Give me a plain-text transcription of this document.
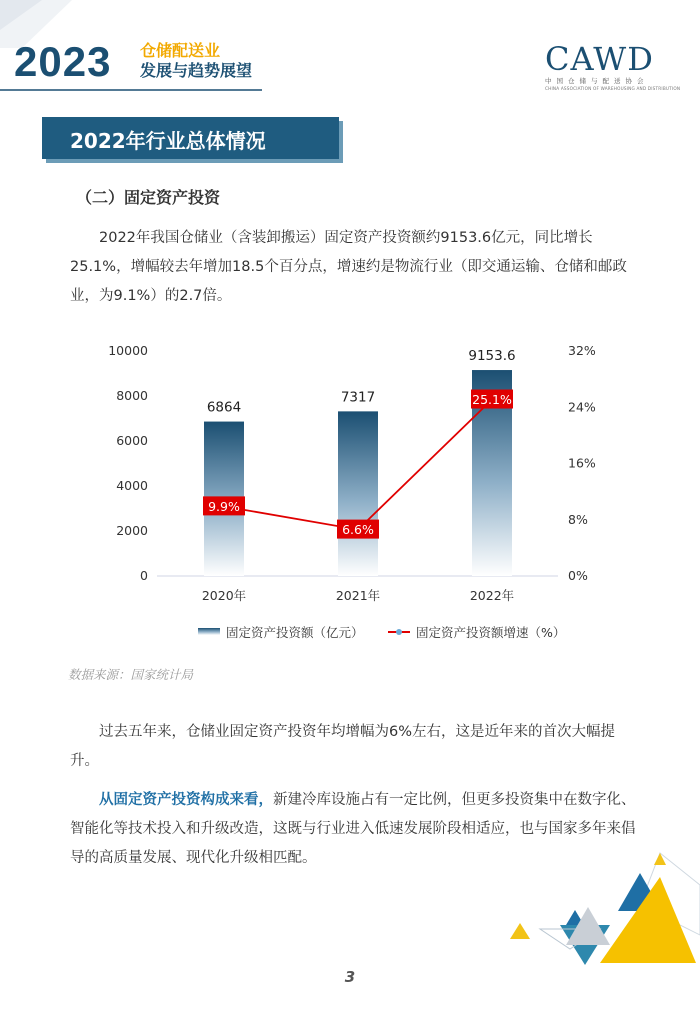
2023 仓储配送业
发展与趋势展望	CAWD
中国仓储与配送协会
CHINA ASSOCIATION OF WAREHOUSING AND DISTRIBUTION
2022年行业总体情况
（二）固定资产投资
2022年我国仓储业（含装卸搬运）固定资产投资额约9153.6亿元，同比增长25.1%，增幅较去年增加18.5个百分点，增速约是物流行业（即交通运输、仓储和邮政业，为9.1%）的2.7倍。
0
2000
4000
6000
8000
10000
0%
8%
16%
24%
32%
6864
7317
9153.6
2020年	2021年	2022年
9.9%
6.6%
25.1%
固定资产投资额（亿元）	固定资产投资额增速（%）
数据来源：国家统计局
过去五年来，仓储业固定资产投资年均增幅为6%左右，这是近年来的首次大幅提升。
从固定资产投资构成来看，新建冷库设施占有一定比例，但更多投资集中在数字化、智能化等技术投入和升级改造，这既与行业进入低速发展阶段相适应，也与国家多年来倡导的高质量发展、现代化升级相匹配。
3
